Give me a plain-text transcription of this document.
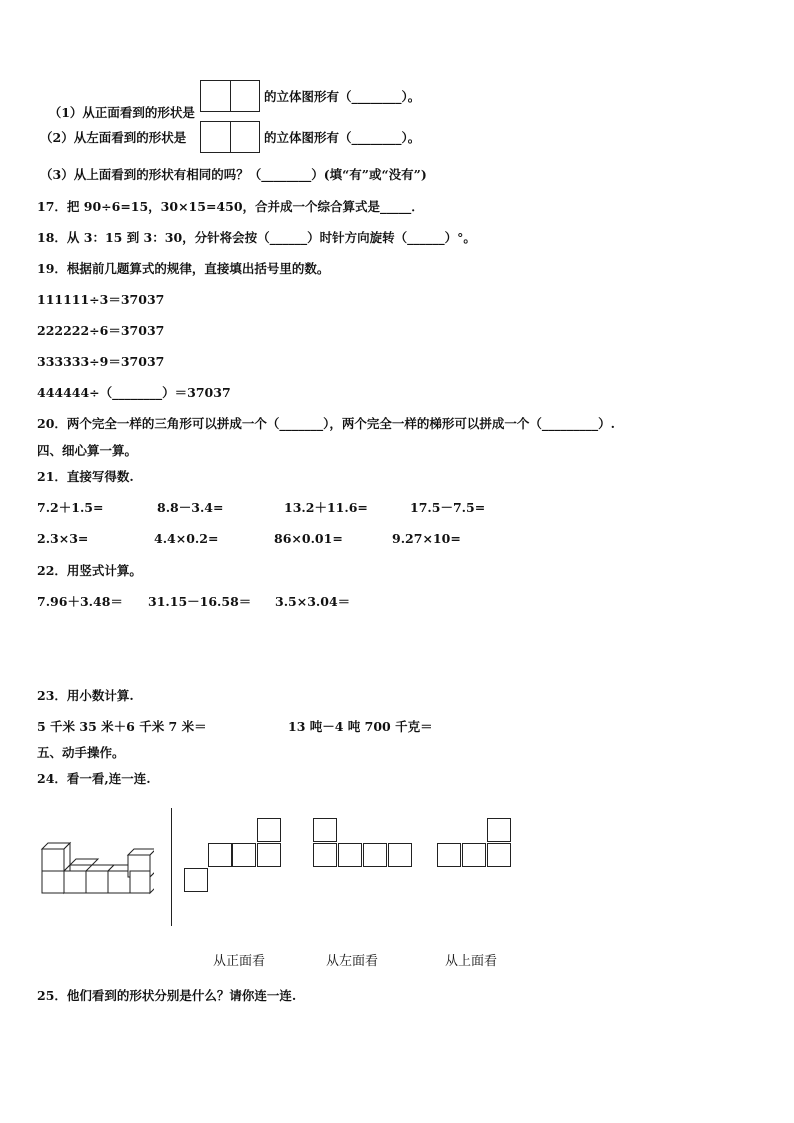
（1）从正面看到的形状是

的立体图形有（________）。
（2）从左面看到的形状是	的立体图形有（________）。
（3）从上面看到的形状有相同的吗？（________）(填“有”或“没有”)
17．把 90÷6=15，30×15=450，合并成一个综合算式是_____．
18．从 3：15 到 3：30，分针将会按（______）时针方向旋转（______）°。
19．根据前几题算式的规律，直接填出括号里的数。
111111÷3＝37037
222222÷6＝37037
333333÷9＝37037
444444÷（________）＝37037
20．两个完全一样的三角形可以拼成一个（_______），两个完全一样的梯形可以拼成一个（_________）.
四、细心算一算。
21．直接写得数.
7.2＋1.5=	8.8－3.4=	13.2＋11.6=	17.5－7.5=
2.3×3=	4.4×0.2=	86×0.01=	9.27×10=
22．用竖式计算。
7.96＋3.48＝ 31.15－16.58＝ 3.5×3.04＝
23．用小数计算.
5 千米 35 米＋6 千米 7 米＝	13 吨－4 吨 700 千克＝
五、动手操作。
24．看一看,连一连.
从正面看	从左面看	从上面看
25．他们看到的形状分别是什么？请你连一连.
